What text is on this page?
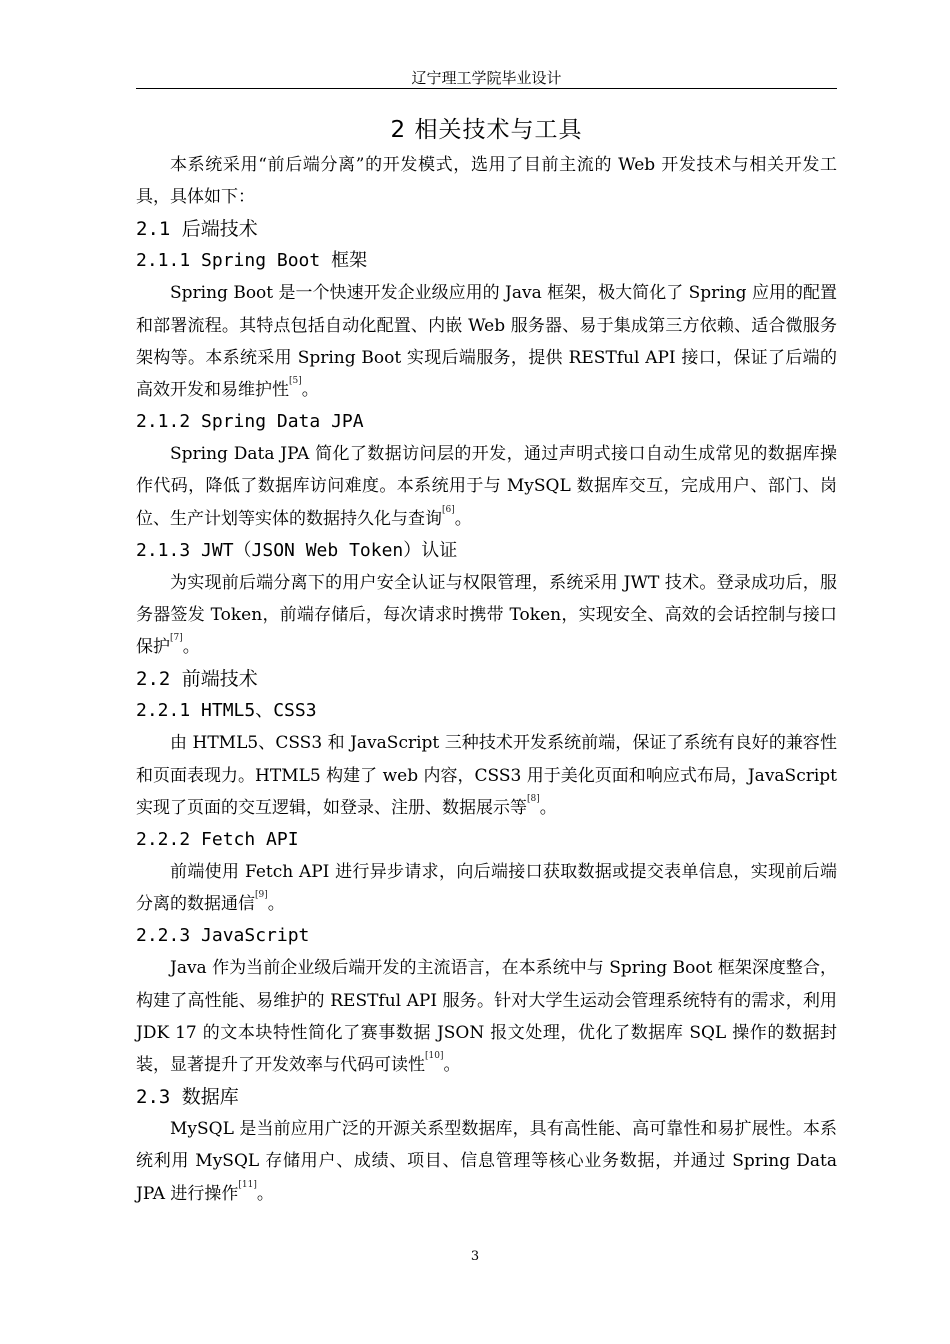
辽宁理工学院毕业设计
2 相关技术与工具

本系统采用“前后端分离”的开发模式，选用了目前主流的 Web 开发技术与相关开发工具，具体如下：

2.1 后端技术
2.1.1 Spring Boot 框架

Spring Boot 是一个快速开发企业级应用的 Java 框架，极大简化了 Spring 应用的配置和部署流程。其特点包括自动化配置、内嵌 Web 服务器、易于集成第三方依赖、适合微服务架构等。本系统采用 Spring Boot 实现后端服务，提供 RESTful API 接口，保证了后端的高效开发和易维护性[5]。

2.1.2 Spring Data JPA

Spring Data JPA 简化了数据访问层的开发，通过声明式接口自动生成常见的数据库操作代码，降低了数据库访问难度。本系统用于与 MySQL 数据库交互，完成用户、部门、岗位、生产计划等实体的数据持久化与查询[6]。

2.1.3 JWT（JSON Web Token）认证

为实现前后端分离下的用户安全认证与权限管理，系统采用 JWT 技术。登录成功后，服务器签发 Token，前端存储后，每次请求时携带 Token，实现安全、高效的会话控制与接口保护[7]。

2.2 前端技术
2.2.1 HTML5、CSS3

由 HTML5、CSS3 和 JavaScript 三种技术开发系统前端，保证了系统有良好的兼容性和页面表现力。HTML5 构建了 web 内容，CSS3 用于美化页面和响应式布局，JavaScript 实现了页面的交互逻辑，如登录、注册、数据展示等[8]。

2.2.2 Fetch API

前端使用 Fetch API 进行异步请求，向后端接口获取数据或提交表单信息，实现前后端分离的数据通信[9]。

2.2.3 JavaScript

Java 作为当前企业级后端开发的主流语言，在本系统中与 Spring Boot 框架深度整合，构建了高性能、易维护的 RESTful API 服务。针对大学生运动会管理系统特有的需求，利用 JDK 17 的文本块特性简化了赛事数据 JSON 报文处理，优化了数据库 SQL 操作的数据封装，显著提升了开发效率与代码可读性[10]。

2.3 数据库

MySQL 是当前应用广泛的开源关系型数据库，具有高性能、高可靠性和易扩展性。本系统利用 MySQL 存储用户、成绩、项目、信息管理等核心业务数据，并通过 Spring Data JPA 进行操作[11]。

3
